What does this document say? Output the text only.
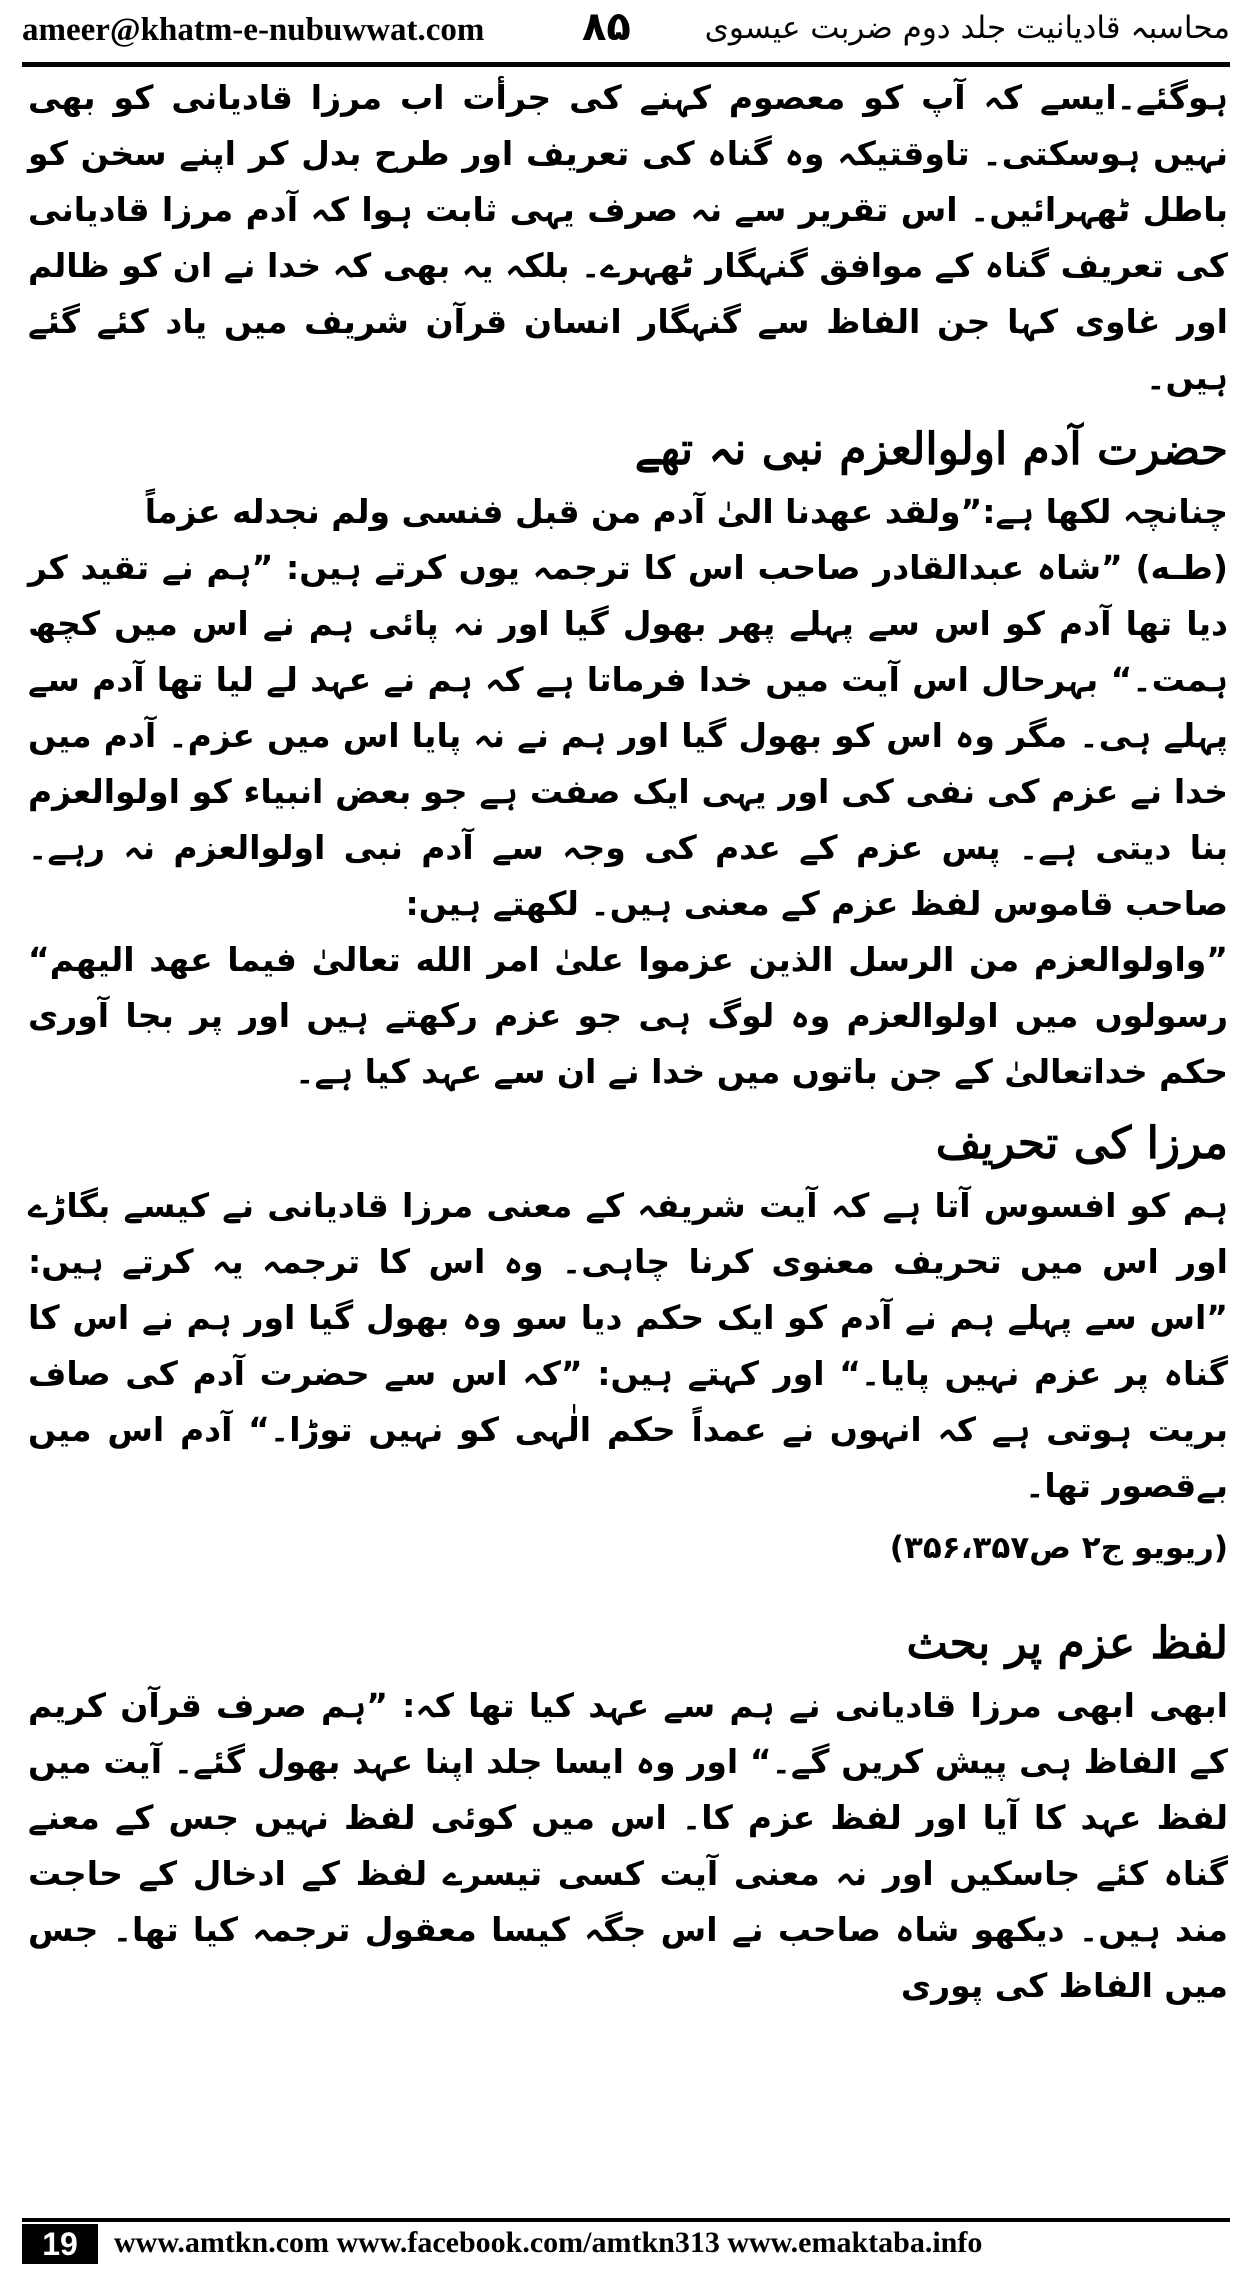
ameer@khatm-e-nubuwwat.com ۸۵ محاسبہ قادیانیت جلد دوم ضربت عیسوی

ہوگئے۔ایسے کہ آپ کو معصوم کہنے کی جرأت اب مرزا قادیانی کو بھی نہیں ہوسکتی۔ تاوقتیکہ وہ گناہ کی تعریف اور طرح بدل کر اپنے سخن کو باطل ٹھہرائیں۔ اس تقریر سے نہ صرف یہی ثابت ہوا کہ آدم مرزا قادیانی کی تعریف گناہ کے موافق گنہگار ٹھہرے۔ بلکہ یہ بھی کہ خدا نے ان کو ظالم اور غاوی کہا جن الفاظ سے گنہگار انسان قرآن شریف میں یاد کئے گئے ہیں۔

حضرت آدم اولوالعزم نبی نہ تھے

چنانچہ لکھا ہے:”ولقد عهدنا الیٰ آدم من قبل فنسی ولم نجدله عزماً

(طـه) ”شاہ عبدالقادر صاحب اس کا ترجمہ یوں کرتے ہیں: ”ہم نے تقید کر دیا تھا آدم کو اس سے پہلے پھر بھول گیا اور نہ پائی ہم نے اس میں کچھ ہمت۔“ بہرحال اس آیت میں خدا فرماتا ہے کہ ہم نے عہد لے لیا تھا آدم سے پہلے ہی۔ مگر وہ اس کو بھول گیا اور ہم نے نہ پایا اس میں عزم۔ آدم میں خدا نے عزم کی نفی کی اور یہی ایک صفت ہے جو بعض انبیاء کو اولوالعزم بنا دیتی ہے۔ پس عزم کے عدم کی وجہ سے آدم نبی اولوالعزم نہ رہے۔ صاحب قاموس لفظ عزم کے معنی ہیں۔ لکھتے ہیں:

”واولوالعزم من الرسل الذین عزموا علیٰ امر الله تعالیٰ فیما عهد الیهم“ رسولوں میں اولوالعزم وہ لوگ ہی جو عزم رکھتے ہیں اور پر بجا آوری حکم خداتعالیٰ کے جن باتوں میں خدا نے ان سے عہد کیا ہے۔

مرزا کی تحریف

ہم کو افسوس آتا ہے کہ آیت شریفہ کے معنی مرزا قادیانی نے کیسے بگاڑے اور اس میں تحریف معنوی کرنا چاہی۔ وہ اس کا ترجمہ یہ کرتے ہیں: ”اس سے پہلے ہم نے آدم کو ایک حکم دیا سو وہ بھول گیا اور ہم نے اس کا گناہ پر عزم نہیں پایا۔“ اور کہتے ہیں: ”کہ اس سے حضرت آدم کی صاف بریت ہوتی ہے کہ انہوں نے عمداً حکم الٰہی کو نہیں توڑا۔“ آدم اس میں بےقصور تھا۔

(ریویو ج۲ ص۳۵۶،۳۵۷)
لفظ عزم پر بحث

ابھی ابھی مرزا قادیانی نے ہم سے عہد کیا تھا کہ: ”ہم صرف قرآن کریم کے الفاظ ہی پیش کریں گے۔“ اور وہ ایسا جلد اپنا عہد بھول گئے۔ آیت میں لفظ عہد کا آیا اور لفظ عزم کا۔ اس میں کوئی لفظ نہیں جس کے معنے گناہ کئے جاسکیں اور نہ معنی آیت کسی تیسرے لفظ کے ادخال کے حاجت مند ہیں۔ دیکھو شاہ صاحب نے اس جگہ کیسا معقول ترجمہ کیا تھا۔ جس میں الفاظ کی پوری

19	www.amtkn.com www.facebook.com/amtkn313 www.emaktaba.info
